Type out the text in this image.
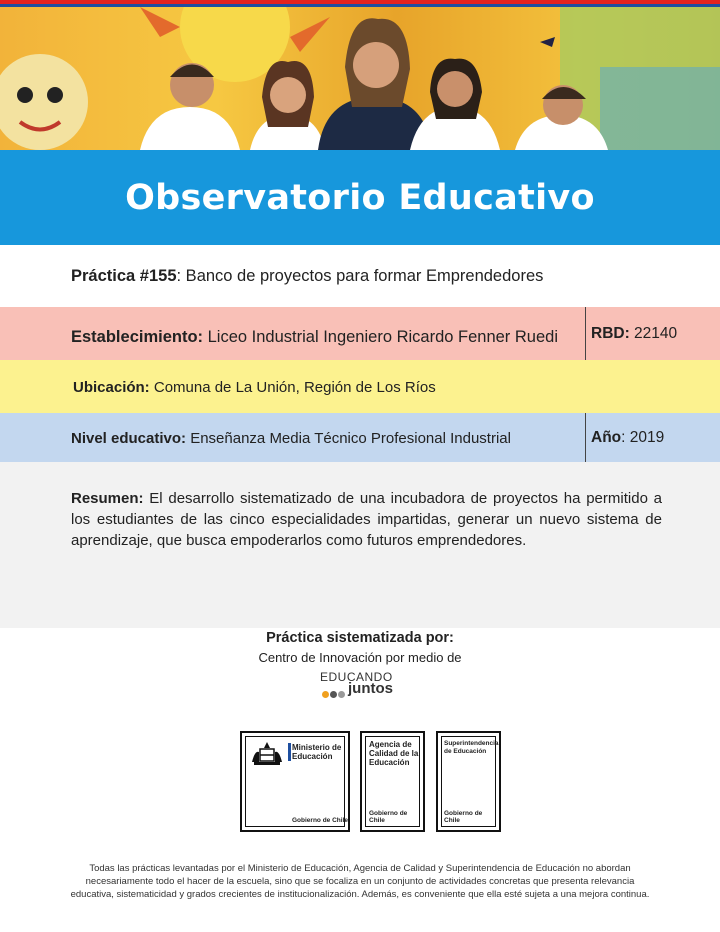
Observatorio Educativo
Práctica #155: Banco de proyectos para formar Emprendedores
Establecimiento: Liceo Industrial Ingeniero Ricardo Fenner Ruedi	RBD: 22140
Ubicación: Comuna de La Unión, Región de Los Ríos
Nivel educativo: Enseñanza Media Técnico Profesional Industrial	Año: 2019
Resumen: El desarrollo sistematizado de una incubadora de proyectos ha permitido a los estudiantes de las cinco especialidades impartidas, generar un nuevo sistema de aprendizaje, que busca empoderarlos como futuros emprendedores.
Práctica sistematizada por:
Centro de Innovación por medio de
EDUCANDO
juntos
Ministerio de Educación
Gobierno de Chile
Agencia de Calidad de la Educación
Gobierno de Chile
Superintendencia de Educación
Gobierno de Chile
Todas las prácticas levantadas por el Ministerio de Educación, Agencia de Calidad y Superintendencia de Educación no abordan necesariamente todo el hacer de la escuela, sino que se focaliza en un conjunto de actividades concretas que presenta relevancia educativa, sistematicidad y grados crecientes de institucionalización. Además, es conveniente que ella esté sujeta a una mejora continua.
